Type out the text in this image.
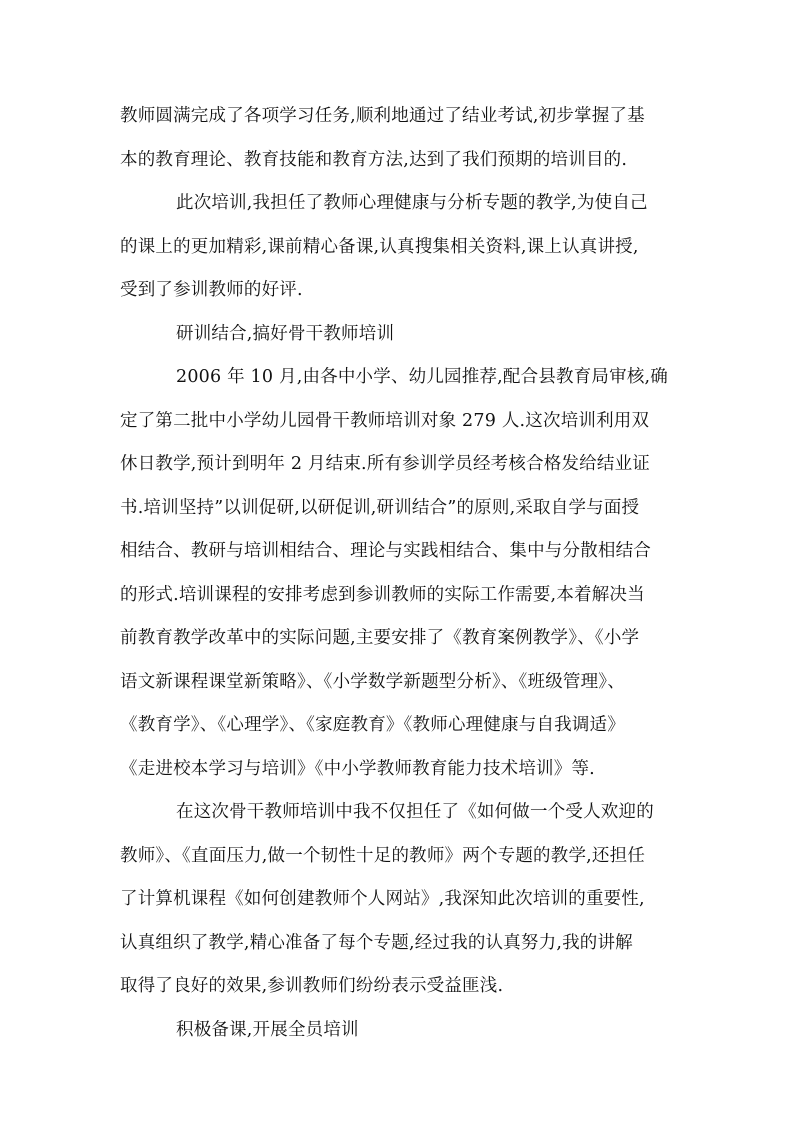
教师圆满完成了各项学习任务,顺利地通过了结业考试,初步掌握了基
本的教育理论、教育技能和教育方法,达到了我们预期的培训目的.
此次培训,我担任了教师心理健康与分析专题的教学,为使自己
的课上的更加精彩,课前精心备课,认真搜集相关资料,课上认真讲授,
受到了参训教师的好评.
研训结合,搞好骨干教师培训
2006 年 10 月,由各中小学、幼儿园推荐,配合县教育局审核,确
定了第二批中小学幼儿园骨干教师培训对象 279 人.这次培训利用双
休日教学,预计到明年 2 月结束.所有参训学员经考核合格发给结业证
书.培训坚持”以训促研,以研促训,研训结合”的原则,采取自学与面授
相结合、教研与培训相结合、理论与实践相结合、集中与分散相结合
的形式.培训课程的安排考虑到参训教师的实际工作需要,本着解决当
前教育教学改革中的实际问题,主要安排了《教育案例教学》、《小学
语文新课程课堂新策略》、《小学数学新题型分析》、《班级管理》、
《教育学》、《心理学》、《家庭教育》《教师心理健康与自我调适》
《走进校本学习与培训》《中小学教师教育能力技术培训》等.
在这次骨干教师培训中我不仅担任了《如何做一个受人欢迎的
教师》、《直面压力,做一个韧性十足的教师》两个专题的教学,还担任
了计算机课程《如何创建教师个人网站》,我深知此次培训的重要性,
认真组织了教学,精心准备了每个专题,经过我的认真努力,我的讲解
取得了良好的效果,参训教师们纷纷表示受益匪浅.
积极备课,开展全员培训
